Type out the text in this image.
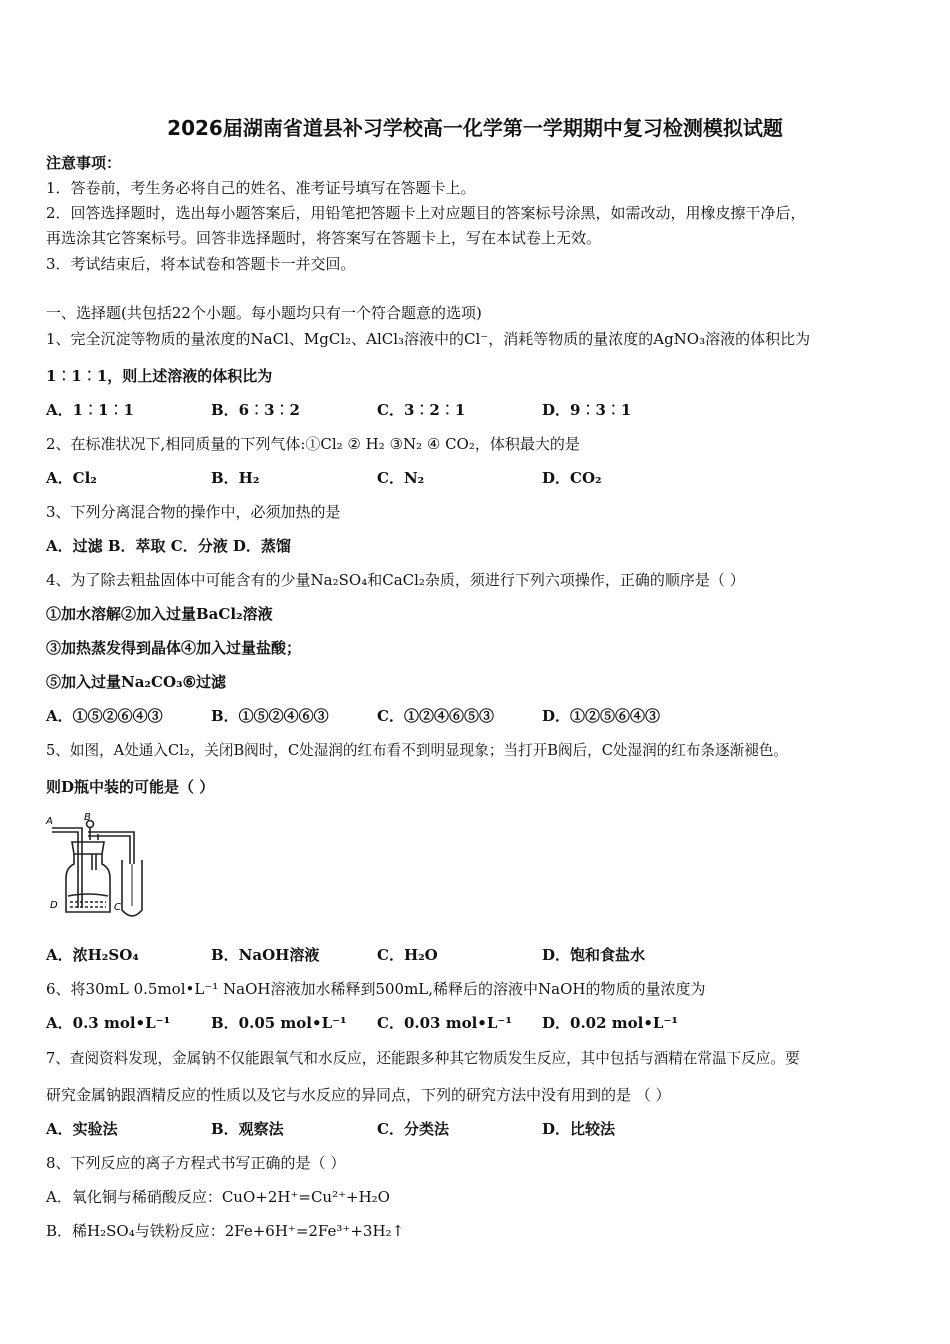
2026届湖南省道县补习学校高一化学第一学期期中复习检测模拟试题
注意事项：
1．答卷前，考生务必将自己的姓名、准考证号填写在答题卡上。
2．回答选择题时，选出每小题答案后，用铅笔把答题卡上对应题目的答案标号涂黑，如需改动，用橡皮擦干净后，
再选涂其它答案标号。回答非选择题时，将答案写在答题卡上，写在本试卷上无效。
3．考试结束后，将本试卷和答题卡一并交回。
一、选择题(共包括22个小题。每小题均只有一个符合题意的选项)
1、完全沉淀等物质的量浓度的NaCl、MgCl₂、AlCl₃溶液中的Cl⁻，消耗等物质的量浓度的AgNO₃溶液的体积比为
1︰1︰1，则上述溶液的体积比为
A．1︰1︰1	B．6︰3︰2	C．3︰2︰1	D．9︰3︰1
2、在标准状况下,相同质量的下列气体:①Cl₂ ② H₂ ③N₂ ④ CO₂，体积最大的是
A．Cl₂	B．H₂	C．N₂	D．CO₂
3、下列分离混合物的操作中，必须加热的是
A．过滤 B．萃取 C．分液 D．蒸馏
4、为了除去粗盐固体中可能含有的少量Na₂SO₄和CaCl₂杂质，须进行下列六项操作，正确的顺序是（ ）
①加水溶解②加入过量BaCl₂溶液
③加热蒸发得到晶体④加入过量盐酸；
⑤加入过量Na₂CO₃⑥过滤
A．①⑤②⑥④③	B．①⑤②④⑥③	C．①②④⑥⑤③	D．①②⑤⑥④③
5、如图，A处通入Cl₂，关闭B阀时，C处湿润的红布看不到明显现象；当打开B阀后，C处湿润的红布条逐渐褪色。
则D瓶中装的可能是（ ）
A	B
D	C
A．浓H₂SO₄	B．NaOH溶液	C．H₂O	D．饱和食盐水
6、将30mL 0.5mol•L⁻¹ NaOH溶液加水稀释到500mL,稀释后的溶液中NaOH的物质的量浓度为
A．0.3 mol•L⁻¹	B．0.05 mol•L⁻¹ C．0.03 mol•L⁻¹ D．0.02 mol•L⁻¹
7、查阅资料发现，金属钠不仅能跟氧气和水反应，还能跟多种其它物质发生反应，其中包括与酒精在常温下反应。要
研究金属钠跟酒精反应的性质以及它与水反应的异同点，下列的研究方法中没有用到的是 （ ）
A．实验法	B．观察法	C．分类法	D．比较法
8、下列反应的离子方程式书写正确的是（ ）
A．氧化铜与稀硝酸反应：CuO+2H⁺=Cu²⁺+H₂O
B．稀H₂SO₄与铁粉反应：2Fe+6H⁺=2Fe³⁺+3H₂↑
